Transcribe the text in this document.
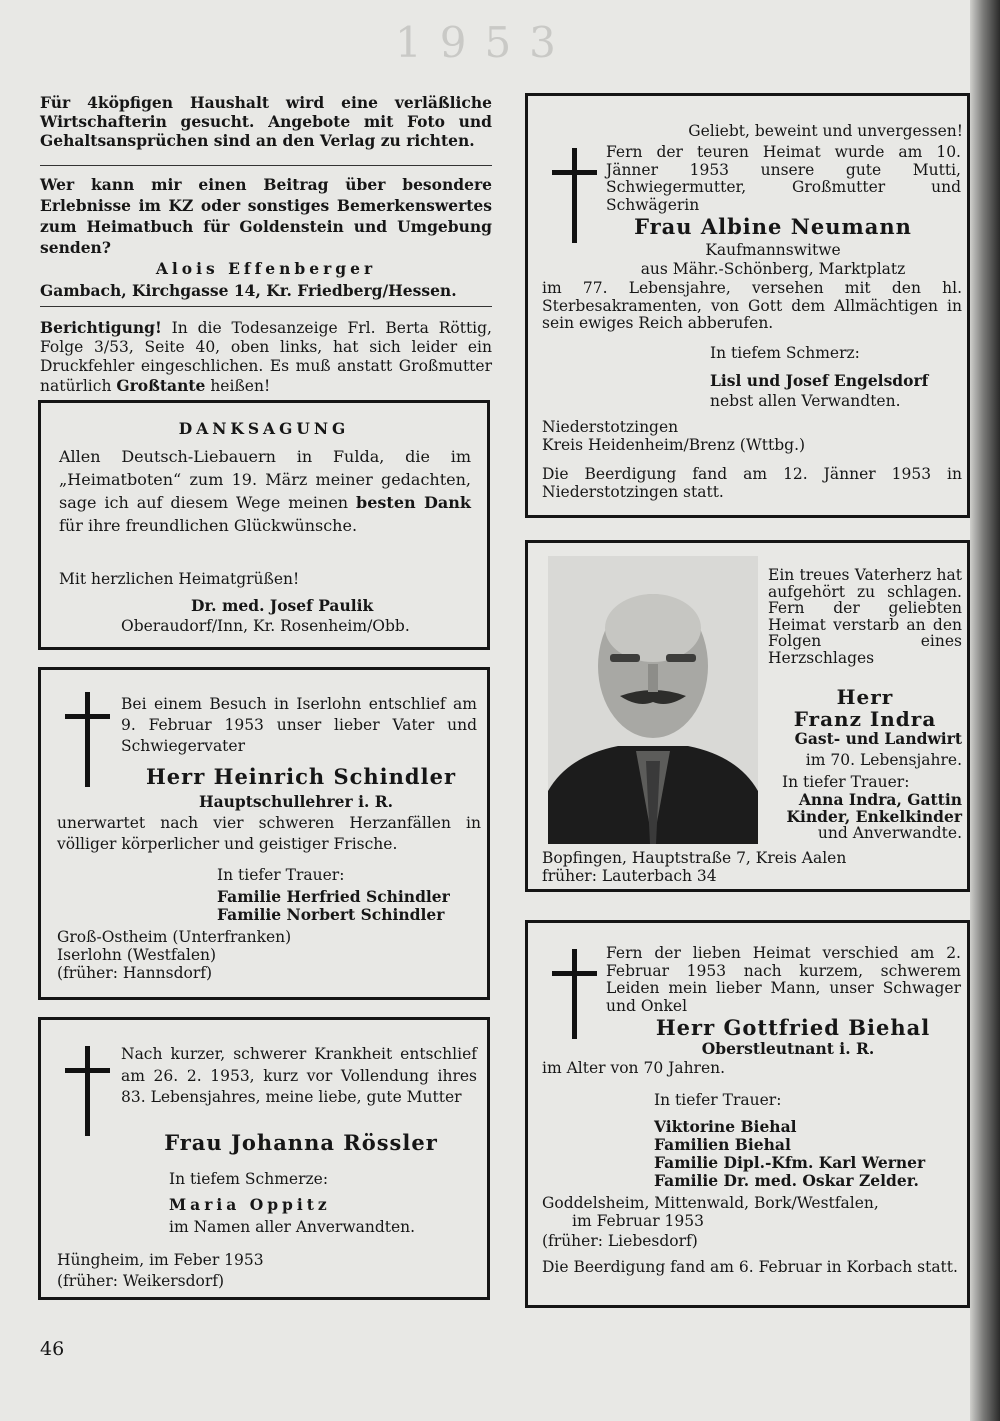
1953
Für 4köpfigen Haushalt wird eine verläßliche Wirtschafterin gesucht. Angebote mit Foto und Gehaltsansprüchen sind an den Verlag zu richten.
Wer kann mir einen Beitrag über besondere Erlebnisse im KZ oder sonstiges Bemerkenswertes zum Heimatbuch für Goldenstein und Umgebung senden?
Alois Effenberger
Gambach, Kirchgasse 14, Kr. Friedberg/Hessen.
Berichtigung! In die Todesanzeige Frl. Berta Röttig, Folge 3/53, Seite 40, oben links, hat sich leider ein Druckfehler eingeschlichen. Es muß anstatt Großmutter natürlich Großtante heißen!
DANKSAGUNG
Allen Deutsch-Liebauern in Fulda, die im „Heimatboten“ zum 19. März meiner gedachten, sage ich auf diesem Wege meinen besten Dank für ihre freundlichen Glückwünsche.
Mit herzlichen Heimatgrüßen!
Dr. med. Josef Paulik
Oberaudorf/Inn, Kr. Rosenheim/Obb.
Bei einem Besuch in Iserlohn entschlief am 9. Februar 1953 unser lieber Vater und Schwiegervater
Herr Heinrich Schindler
Hauptschullehrer i. R.
unerwartet nach vier schweren Herzanfällen in völliger körperlicher und geistiger Frische.
In tiefer Trauer:
Familie Herfried Schindler
Familie Norbert Schindler
Groß-Ostheim (Unterfranken)
Iserlohn (Westfalen)
(früher: Hannsdorf)
Nach kurzer, schwerer Krankheit entschlief am 26. 2. 1953, kurz vor Vollendung ihres 83. Lebensjahres, meine liebe, gute Mutter
Frau Johanna Rössler
In tiefem Schmerze:
Maria Oppitz
im Namen aller Anverwandten.
Hüngheim, im Feber 1953
(früher: Weikersdorf)
46
Geliebt, beweint und unvergessen!
Fern der teuren Heimat wurde am 10. Jänner 1953 unsere gute Mutti, Schwiegermutter, Großmutter und Schwägerin
Frau Albine Neumann
Kaufmannswitwe
aus Mähr.-Schönberg, Marktplatz
im 77. Lebensjahre, versehen mit den hl. Sterbesakramenten, von Gott dem Allmächtigen in sein ewiges Reich abberufen.
In tiefem Schmerz:
Lisl und Josef Engelsdorf
nebst allen Verwandten.
Niederstotzingen
Kreis Heidenheim/Brenz (Wttbg.)
Die Beerdigung fand am 12. Jänner 1953 in Niederstotzingen statt.
Ein treues Vaterherz hat aufgehört zu schlagen. Fern der geliebten Heimat verstarb an den Folgen eines Herzschlages
Herr
Franz Indra
Gast- und Landwirt
im 70. Lebensjahre.
In tiefer Trauer:
Anna Indra, Gattin Kinder, Enkelkinder
und Anverwandte.
Bopfingen, Hauptstraße 7, Kreis Aalen
früher: Lauterbach 34
Fern der lieben Heimat verschied am 2. Februar 1953 nach kurzem, schwerem Leiden mein lieber Mann, unser Schwager und Onkel
Herr Gottfried Biehal
Oberstleutnant i. R.
im Alter von 70 Jahren.
In tiefer Trauer:
Viktorine Biehal
Familien Biehal
Familie Dipl.-Kfm. Karl Werner
Familie Dr. med. Oskar Zelder.
Goddelsheim, Mittenwald, Bork/Westfalen,
im Februar 1953
(früher: Liebesdorf)
Die Beerdigung fand am 6. Februar in Korbach statt.
